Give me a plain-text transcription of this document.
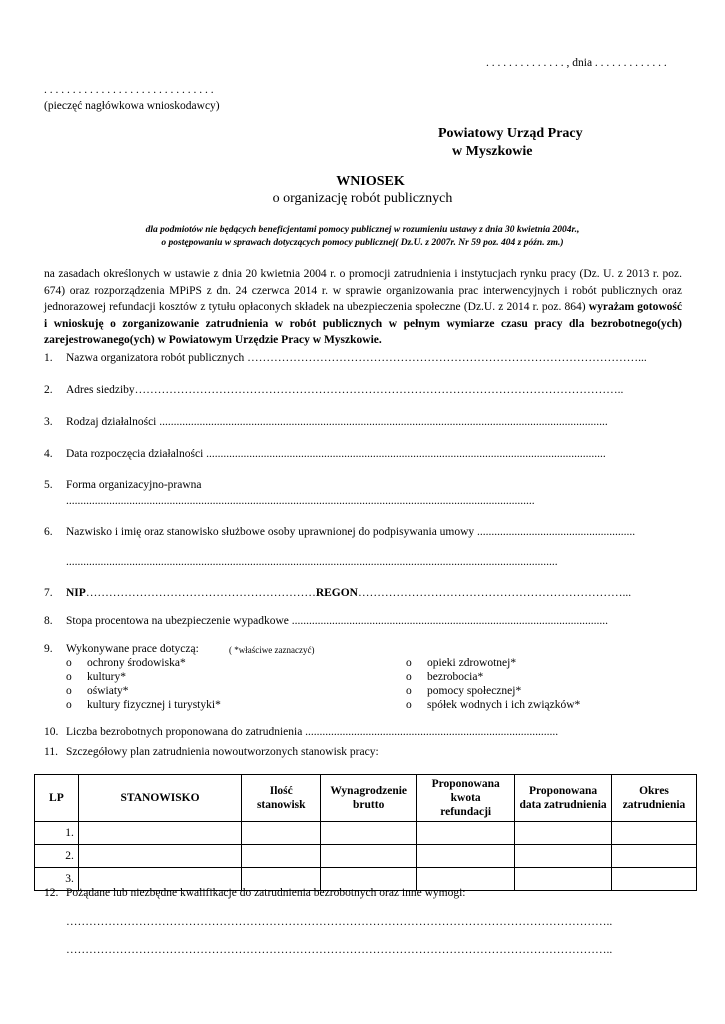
. . . . . . . . . . . . . . , dnia . . . . . . . . . . . . .
. . . . . . . . . . . . . . . . . . . . . . . . . . . . . .
(pieczęć nagłówkowa wnioskodawcy)
Powiatowy Urząd Pracy
w Myszkowie
WNIOSEK
o organizację robót publicznych
dla podmiotów nie będących beneficjentami pomocy publicznej w rozumieniu ustawy z dnia 30 kwietnia 2004r.,
o postępowaniu w sprawach dotyczących pomocy publicznej( Dz.U. z 2007r. Nr 59 poz. 404 z późn. zm.)
na zasadach określonych w ustawie z dnia 20 kwietnia 2004 r. o promocji zatrudnienia i instytucjach rynku pracy (Dz. U. z 2013 r. poz. 674) oraz rozporządzenia MPiPS z dn. 24 czerwca 2014 r. w sprawie organizowania prac interwencyjnych i robót publicznych oraz jednorazowej refundacji kosztów z tytułu opłaconych składek na ubezpieczenia społeczne (Dz.U. z 2014 r. poz. 864) wyrażam gotowość i wnioskuję o zorganizowanie zatrudnienia w robót publicznych w pełnym wymiarze czasu pracy dla bezrobotnego(ych) zarejestrowanego(ych) w Powiatowym Urzędzie Pracy w Myszkowie.
1. Nazwa organizatora robót publicznych …………………………………………………………………………………………...
2. Adres siedziby………………………………………………………………………………………………………………..
3. Rodzaj działalności ............................................................................................................................................................
4. Data rozpoczęcia działalności ...........................................................................................................................................
5. Forma organizacyjno-prawna
...................................................................................................................................................................
6. Nazwisko i imię oraz stanowisko służbowe osoby uprawnionej do podpisywania umowy .......................................................
...........................................................................................................................................................................
7. NIP……………………………………………………REGON……………………………………………………………...
8. Stopa procentowa na ubezpieczenie wypadkowe ..............................................................................................................
9. Wykonywane prace dotyczą:	( *właściwe zaznaczyć)
o ochrony środowiska*
o kultury*
o oświaty*
o kultury fizycznej i turystyki*
o opieki zdrowotnej*
o bezrobocia*
o pomocy społecznej*
o spółek wodnych i ich związków*
10. Liczba bezrobotnych proponowana do zatrudnienia ........................................................................................
11. Szczegółowy plan zatrudnienia nowoutworzonych stanowisk pracy:
LP	STANOWISKO	Ilość stanowisk	Wynagrodzenie brutto	Proponowana kwota refundacji	Proponowana data zatrudnienia	Okres zatrudnienia
1.						
2.						
3.						
12. Pożądane lub niezbędne kwalifikacje do zatrudnienia bezrobotnych oraz inne wymogi:
……………………………………………………………………………………………………………………………..
……………………………………………………………………………………………………………………………..
